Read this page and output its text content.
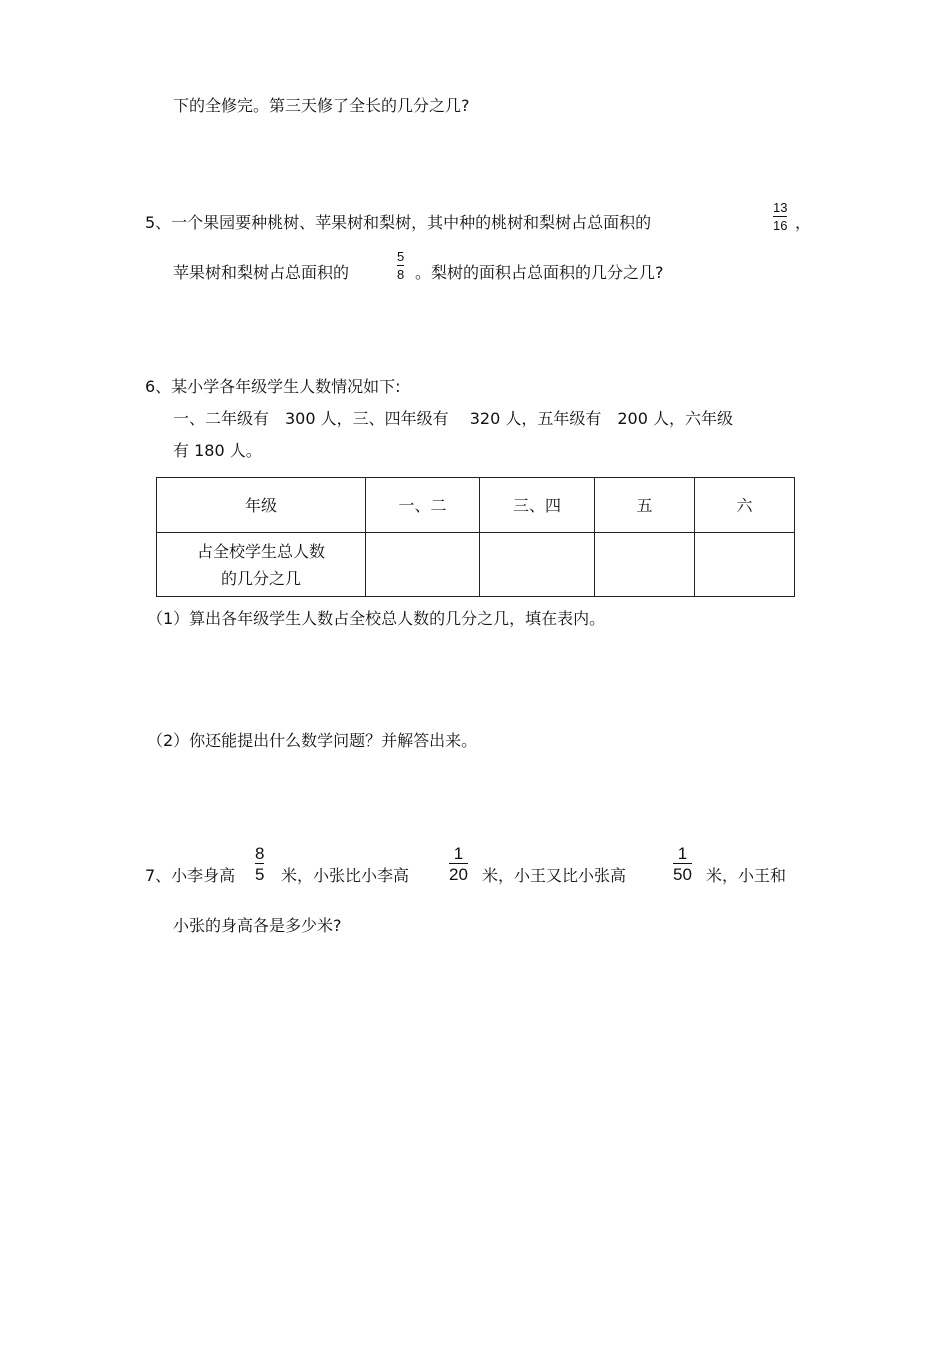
下的全修完。第三天修了全长的几分之几?
5、一个果园要种桃树、苹果树和梨树，其中种的桃树和梨树占总面积的
13
16 ，
苹果树和梨树占总面积的
5
8 。梨树的面积占总面积的几分之几?
6、某小学各年级学生人数情况如下:
一、二年级有　300 人，三、四年级有　 320 人，五年级有　200 人，六年级
有 180 人。
年级	一、二	三、四	五	六

占全校学生总人数
的几分之几				

（1）算出各年级学生人数占全校总人数的几分之几，填在表内。
（2）你还能提出什么数学问题？并解答出来。
7、小李身高
8
5 米，小张比小李高
1
20 米，小王又比小张高
1
50 米，小王和
小张的身高各是多少米?
